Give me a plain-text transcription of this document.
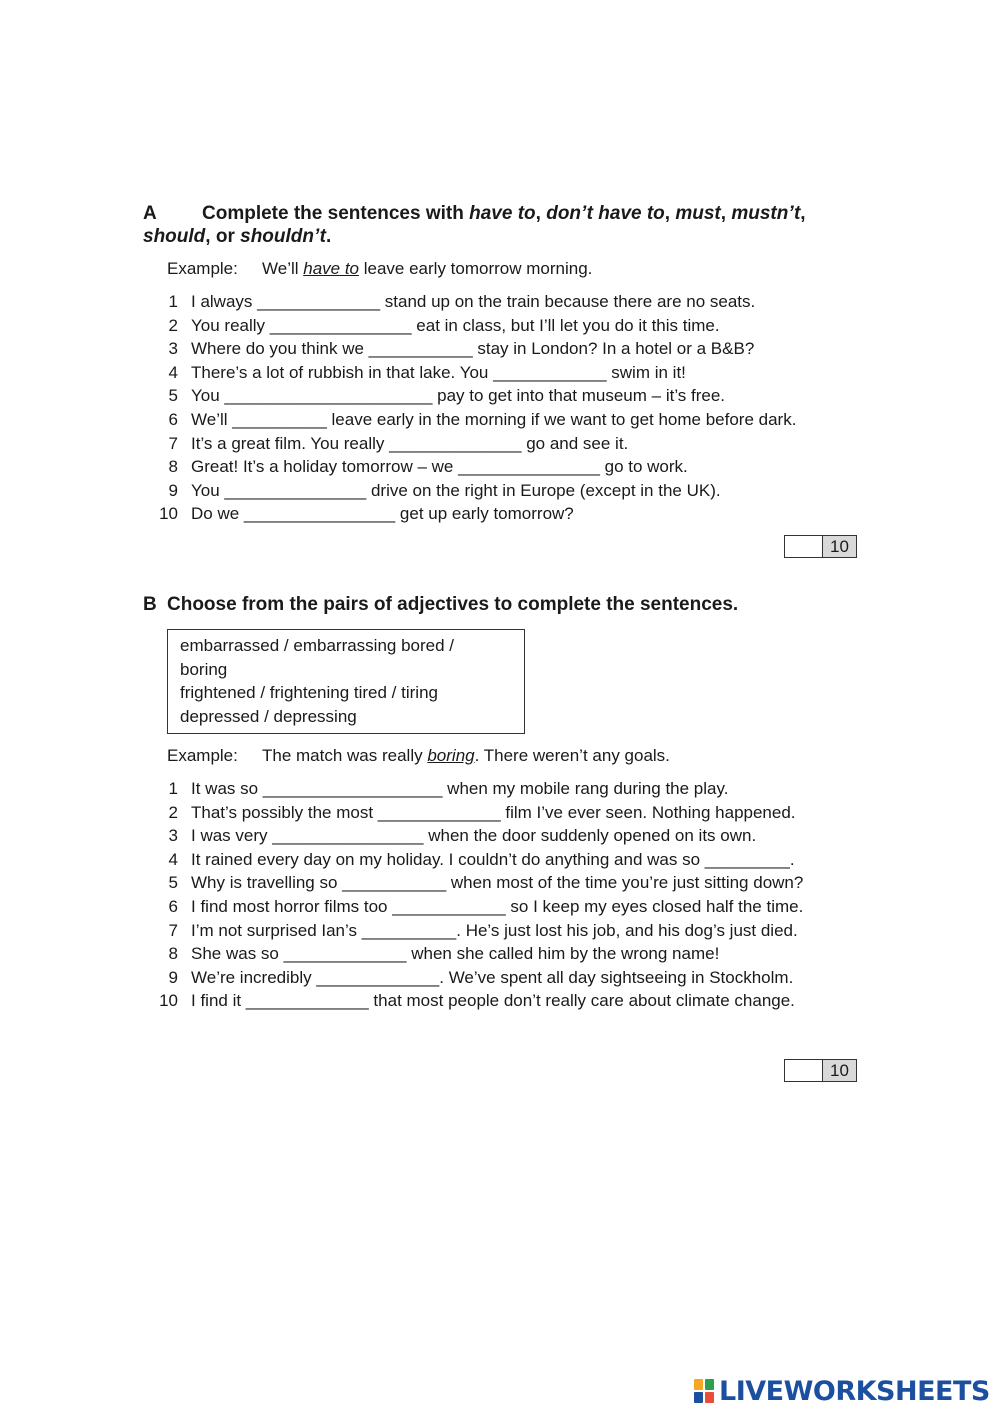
A Complete the sentences with have to, don’t have to, must, mustn’t,
should, or shouldn’t.
Example: We’ll have to leave early tomorrow morning.
1 I always _____________ stand up on the train because there are no seats.
2 You really _______________ eat in class, but I’ll let you do it this time.
3 Where do you think we ___________ stay in London? In a hotel or a B&B?
4 There’s a lot of rubbish in that lake. You ____________ swim in it!
5 You ______________________ pay to get into that museum – it’s free.
6 We’ll __________ leave early in the morning if we want to get home before dark.
7 It’s a great film. You really ______________ go and see it.
8 Great! It’s a holiday tomorrow – we _______________ go to work.
9 You _______________ drive on the right in Europe (except in the UK).
10 Do we ________________ get up early tomorrow?
10
B Choose from the pairs of adjectives to complete the sentences.
embarrassed / embarrassing bored /
boring
frightened / frightening tired / tiring
depressed / depressing
Example: The match was really boring. There weren’t any goals.
1 It was so ___________________ when my mobile rang during the play.
2 That’s possibly the most _____________ film I’ve ever seen. Nothing happened.
3 I was very ________________ when the door suddenly opened on its own.
4 It rained every day on my holiday. I couldn’t do anything and was so _________.
5 Why is travelling so ___________ when most of the time you’re just sitting down?
6 I find most horror films too ____________ so I keep my eyes closed half the time.
7 I’m not surprised Ian’s __________. He’s just lost his job, and his dog’s just died.
8 She was so _____________ when she called him by the wrong name!
9 We’re incredibly _____________. We’ve spent all day sightseeing in Stockholm.
10 I find it _____________ that most people don’t really care about climate change.
10
LIVEWORKSHEETS
